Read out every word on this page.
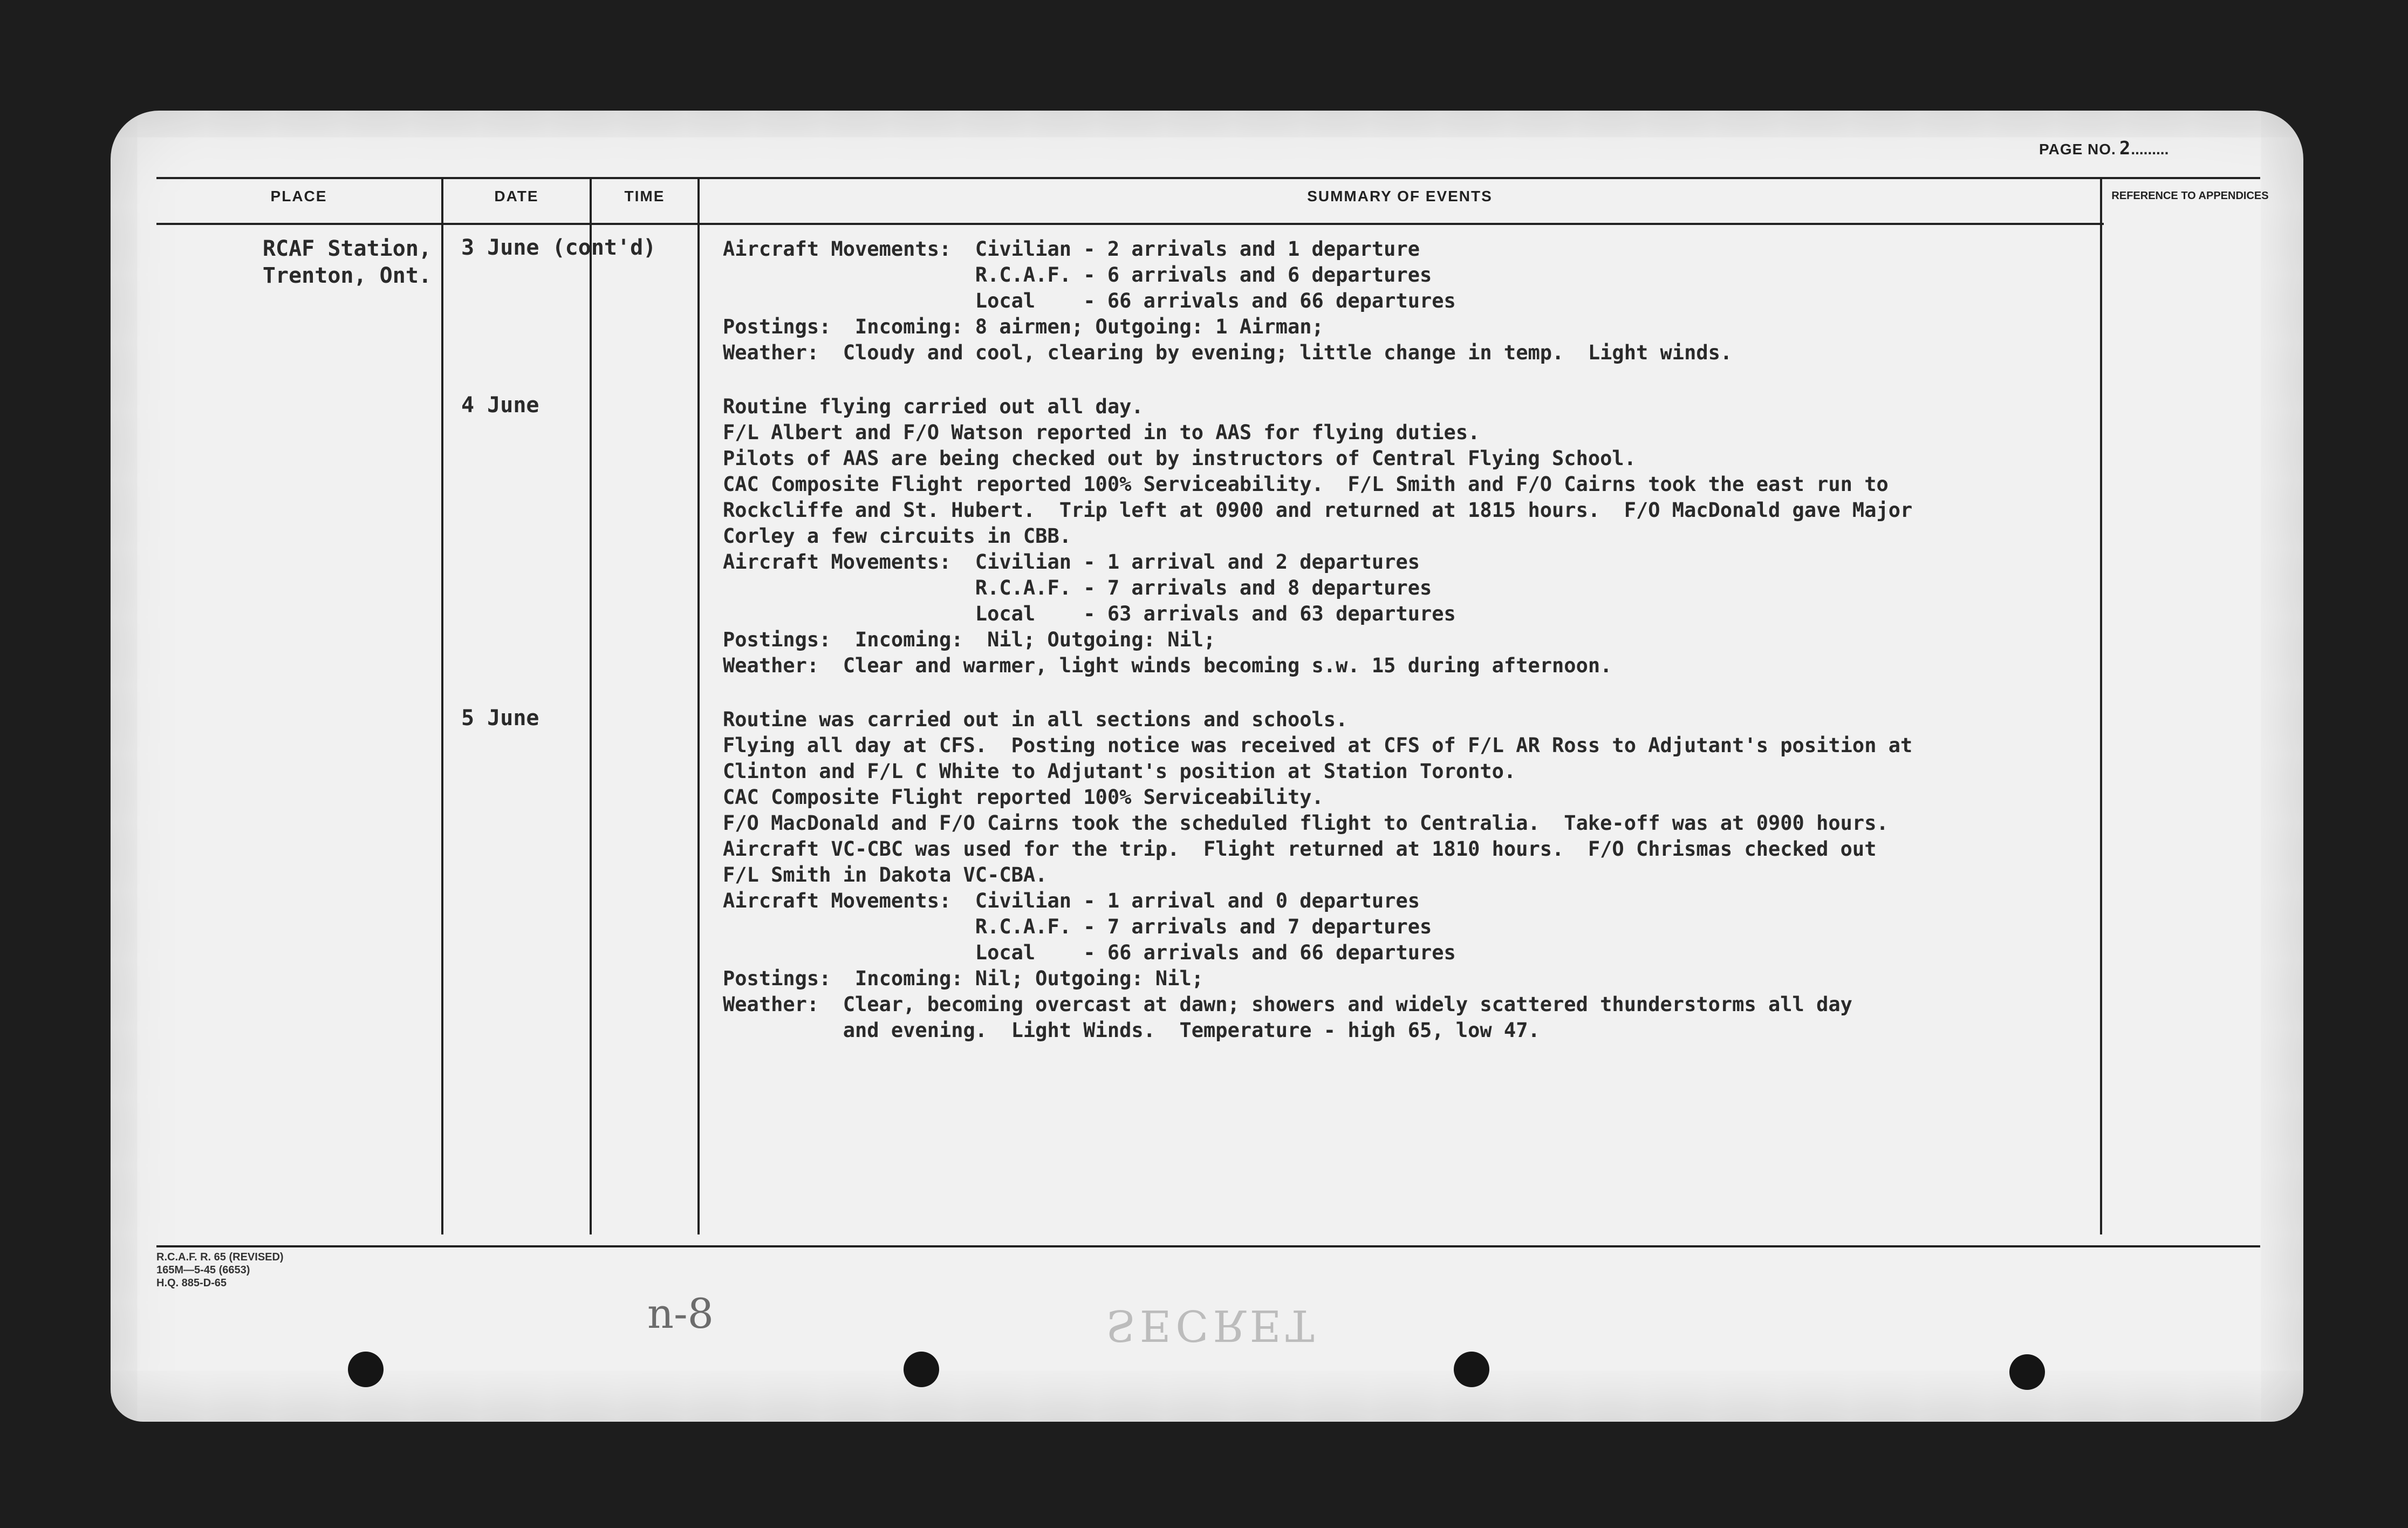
PAGE NO. 2.........
PLACE	DATE	TIME	SUMMARY OF EVENTS	REFERENCE TO APPENDICES
RCAF Station,
Trenton, Ont.
3 June (cont'd)	Aircraft Movements:  Civilian - 2 arrivals and 1 departure
R.C.A.F. - 6 arrivals and 6 departures
Local    - 66 arrivals and 66 departures
Postings:  Incoming: 8 airmen; Outgoing: 1 Airman;
Weather:  Cloudy and cool, clearing by evening; little change in temp.  Light winds.
4 June	Routine flying carried out all day.
F/L Albert and F/O Watson reported in to AAS for flying duties.
Pilots of AAS are being checked out by instructors of Central Flying School.
CAC Composite Flight reported 100% Serviceability.  F/L Smith and F/O Cairns took the east run to
Rockcliffe and St. Hubert.  Trip left at 0900 and returned at 1815 hours.  F/O MacDonald gave Major
Corley a few circuits in CBB.
Aircraft Movements:  Civilian - 1 arrival and 2 departures
R.C.A.F. - 7 arrivals and 8 departures
Local    - 63 arrivals and 63 departures
Postings:  Incoming:  Nil; Outgoing: Nil;
Weather:  Clear and warmer, light winds becoming s.w. 15 during afternoon.
5 June	Routine was carried out in all sections and schools.
Flying all day at CFS.  Posting notice was received at CFS of F/L AR Ross to Adjutant's position at
Clinton and F/L C White to Adjutant's position at Station Toronto.
CAC Composite Flight reported 100% Serviceability.
F/O MacDonald and F/O Cairns took the scheduled flight to Centralia.  Take-off was at 0900 hours.
Aircraft VC-CBC was used for the trip.  Flight returned at 1810 hours.  F/O Chrismas checked out
F/L Smith in Dakota VC-CBA.
Aircraft Movements:  Civilian - 1 arrival and 0 departures
R.C.A.F. - 7 arrivals and 7 departures
Local    - 66 arrivals and 66 departures
Postings:  Incoming: Nil; Outgoing: Nil;
Weather:  Clear, becoming overcast at dawn; showers and widely scattered thunderstorms all day
and evening.  Light Winds.  Temperature - high 65, low 47.
R.C.A.F. R. 65 (REVISED)
165M—5-45 (6653)
H.Q. 885-D-65
n-8	SECRET
